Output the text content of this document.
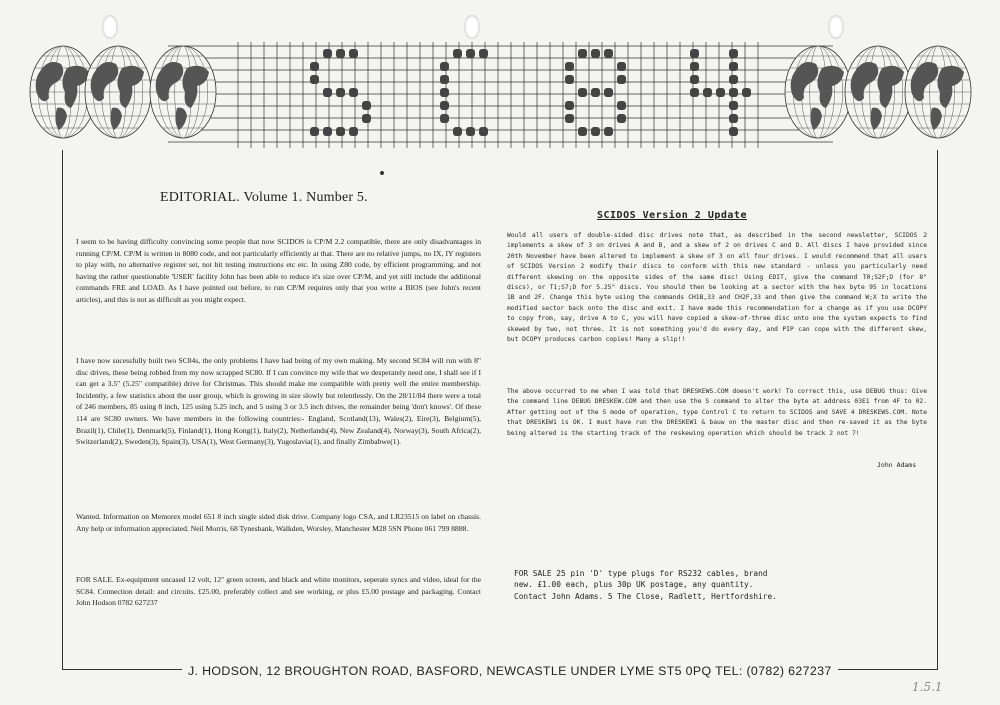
EDITORIAL. Volume 1. Number 5.
I seem to be having difficulty convincing some people that now SCIDOS is CP/M 2.2 compatible, there are only disadvantages in running CP/M. CP/M is written in 8080 code, and not particularly efficiently at that. There are no relative jumps, no IX, IY registers to play with, no alternative register set, not bit testing instructions etc etc. In using Z80 code, by efficient programming, and not having the rather questionable 'USER' facility John has been able to reduce it's size over CP/M, and yet still include the additional commands FRE and LOAD. As I have pointed out before, to run CP/M requires only that you write a BIOS (see John's recent articles), and this is not as difficult as you might expect.
I have now sucessfully built two SC84s, the only problems I have had being of my own making. My second SC84 will run with 8" disc drives, these being robbed from my now scrapped SC80. If I can convince my wife that we desperately need one, I shall see if I can get a 3.5" (5.25" compatible) drive for Christmas. This should make me compatible with pretty well the entire membership. Incidently, a few statistics about the user group, which is growing in size slowly but relentlessly. On the 28/11/84 there were a total of 246 members, 85 using 8 inch, 125 using 5.25 inch, and 5 using 3 or 3.5 inch drives, the remainder being 'don't knows'. Of these 114 are SC80 owners. We have members in the following countries:- England, Scotland(13), Wales(2), Eire(3), Belgium(5), Brazil(1), Chile(1), Denmark(5), Finland(1), Hong Kong(1), Italy(2), Netherlands(4), New Zealand(4), Norway(3), South Africa(2), Switzerland(2), Sweden(3), Spain(3), USA(1), West Germany(3), Yugoslavia(1), and finally Zimbabwe(1).
Wanted. Information on Memorex model 651 8 inch single sided disk drive. Company logo CSA, and LR23515 on label on chassis. Any help or information appreciated. Neil Morris, 68 Tynesbank, Walkden, Worsley, Manchester M28 5SN Phone 061 799 8888.
FOR SALE. Ex-equipment uncased 12 volt, 12" green screen, and black and white monitors, seperate syncs and video, ideal for the SC84. Connection detail: and circuits. £25.00, preferably collect and see working, or plus £5.00 postage and packaging. Contact John Hodson 0782 627237
SCIDOS Version 2 Update
Would all users of double-sided disc drives note that, as described in the second newsletter, SCIDOS 2 implements a skew of 3 on drives A and B, and a skew of 2 on drives C and D. All discs I have provided since 20th November have been altered to implement a skew of 3 on all four drives. I would recommend that all users of SCIDOS Version 2 modify their discs to conform with this new standard - unless you particularly need different skewing on the opposite sides of the same disc! Using EDIT, give the command T0;S2F;D (for 8" discs), or T1;S7;D for 5.25" discs. You should then be looking at a sector with the hex byte 95 in locations 1B and 2F. Change this byte using the commands CH1B,33 and CH2F,33 and then give the command W;X to write the modified sector back onto the disc and exit. I have made this recommendation for a change as if you use DCOPY to copy from, say, drive A to C, you will have copied a skew-of-three disc onto one the system expects to find skewed by two, not three. It is not something you'd do every day, and PIP can cope with the different skew, but DCOPY produces carbon copies! Many a slip!!
The above occurred to me when I was told that DRESKEWS.COM doesn't work! To correct this, use DEBUG thus: Give the command line DEBUG DRESKEW.COM and then use the S command to alter the byte at address 03E1 from 4F to 02. After getting out of the S mode of operation, type Control C to return to SCIDOS and SAVE 4 DRESKEWS.COM. Note that DRESKEW1 is OK. I must have run the DRESKEW1 & bauw on the master disc and then re-saved it as the byte being altered is the starting track of the reskewing operation which should be track 2 not 7!
John Adams
FOR SALE 25 pin 'D' type plugs for RS232 cables, brand
new. £1.00 each, plus 30p UK postage, any quantity.
Contact John Adams. 5 The Close, Radlett, Hertfordshire.
J. HODSON, 12 BROUGHTON ROAD, BASFORD, NEWCASTLE UNDER LYME ST5 0PQ TEL: (0782) 627237
1.5.1
